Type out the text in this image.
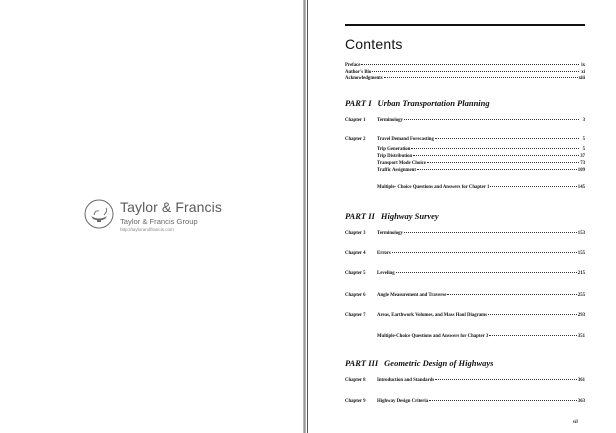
Taylor & Francis
Taylor & Francis Group
http://taylorandfrancis.com
Contents
Preface	ix
Author's Bio	xi
Acknowledgments	xiii
PART I Urban Transportation Planning
Chapter 1 Terminology	3
Chapter 2 Travel Demand Forecasting	5
Trip Generation	5
Trip Distribution	37
Transport Mode Choice	73
Traffic Assignment	109
Multiple- Choice Questions and Answers for Chapter 1	145
PART II Highway Survey
Chapter 3 Terminology	153
Chapter 4 Errors	155
Chapter 5 Leveling	215
Chapter 6 Angle Measurement and Traverse	255
Chapter 7 Areas, Earthwork Volumes, and Mass Haul Diagrams	293
Multiple-Choice Questions and Answers for Chapter 3	351
PART III Geometric Design of Highways
Chapter 8 Introduction and Standards	361
Chapter 9 Highway Design Criteria	363
vii
